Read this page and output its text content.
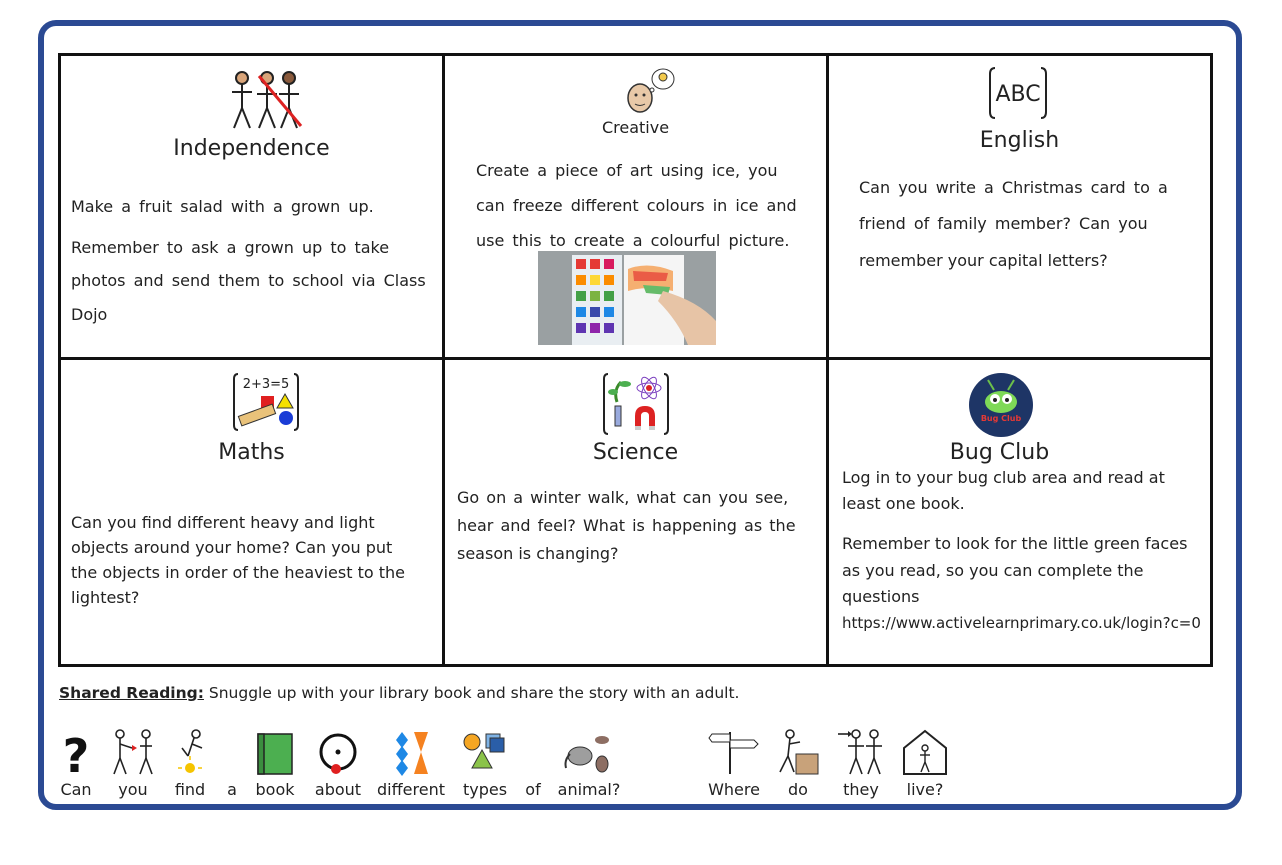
Independence
Make a fruit salad with a grown up.
Remember to ask a grown up to take
photos and send them to school via Class
Dojo
Creative
Create a piece of art using ice, you
can freeze different colours in ice and
use this to create a colourful picture.
ABC
English
Can you write a Christmas card to a
friend of family member? Can you
remember your capital letters?
2+3=5
Maths
Can you find different heavy and light
objects around your home? Can you put
the objects in order of the heaviest to the
lightest?
Science
Go on a winter walk, what can you see,
hear and feel? What is happening as the
season is changing?
Bug Club
Bug Club
Log in to your bug club area and read at
least one book.
Remember to look for the little green faces
as you read, so you can complete the
questions
https://www.activelearnprimary.co.uk/login?c=0
Shared Reading: Snuggle up with your library book and share the story with an adult.
?
Can you find a book about different types of animal?	Where do they live?
